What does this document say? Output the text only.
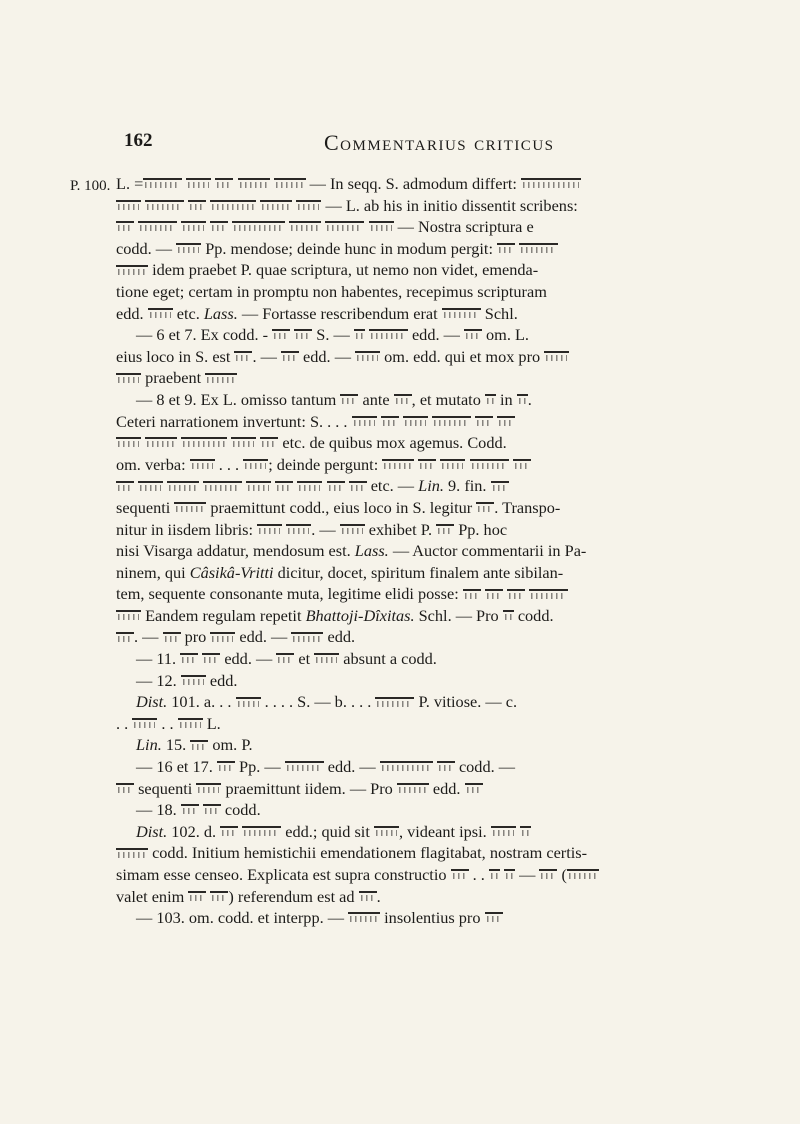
162	Commentarius criticus
P. 100. L. =	— In seqq. S. admodum differt:

— L. ab his in initio dissentit scribens:

— Nostra scriptura e

codd. —  Pp. mendose; deinde hunc in modum pergit:

idem praebet P. quae scriptura, ut nemo non videt, emenda-

tione eget; certam in promptu non habentes, recepimus scripturam

edd.  etc. Lass. — Fortasse rescribendum erat  Schl.

— 6 et 7. Ex codd. -   S. —	edd. —  om. L.

eius loco in S. est . —  edd. —  om. edd. qui et mox pro

praebent

— 8 et 9. Ex L. omisso tantum  ante , et mutato  in .

Ceteri narrationem invertunt: S. . . .

etc. de quibus mox agemus. Codd.

om. verba:  . . . ; deinde pergunt:

etc. — Lin. 9. fin.

sequenti  praemittunt codd., eius loco in S. legitur . Transpo-

nitur in iisdem libris:	. —  exhibet P.  Pp. hoc

nisi Visarga addatur, mendosum est. Lass. — Auctor commentarii in Pa-

ninem, qui Câsikâ-Vritti dicitur, docet, spiritum finalem ante sibilan-

tem, sequente consonante muta, legitime elidi posse:

Eandem regulam repetit Bhattoji-Dîxitas. Schl. — Pro  codd.

. —  pro  edd. —  edd.

— 11.   edd. —  et  absunt a codd.

— 12.  edd.

Dist. 101. a. . .  . . . . S. — b. . . .  P. vitiose. — c.

. .  . .  L.

Lin. 15.  om. P.

— 16 et 17.  Pp. —  edd. —	codd. —

sequenti  praemittunt iidem. — Pro  edd.

— 18.   codd.

Dist. 102. d.	edd.; quid sit , videant ipsi.

codd. Initium hemistichii emendationem flagitabat, nostram certis-

simam esse censeo. Explicata est supra constructio  . .   —  (

valet enim  ) referendum est ad .

— 103. om. codd. et interpp. —  insolentius pro
